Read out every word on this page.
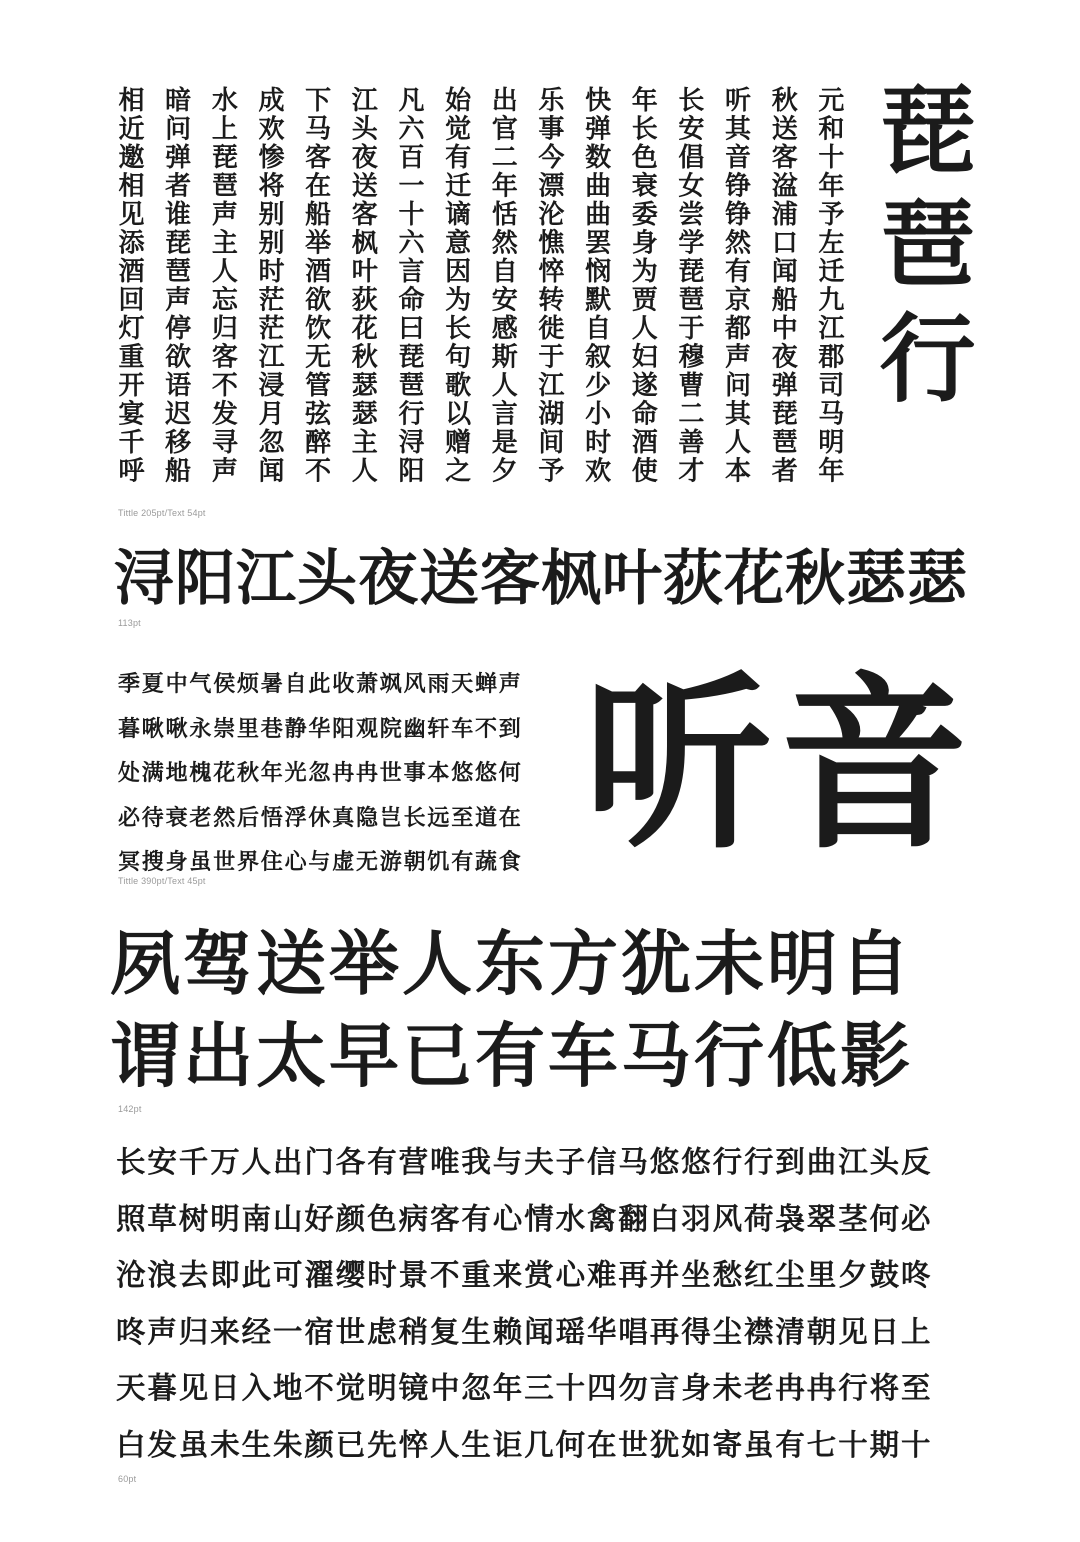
元和十年予左迁九江郡司马明年
秋送客湓浦口闻船中夜弹琵琶者
听其音铮铮然有京都声问其人本
长安倡女尝学琵琶于穆曹二善才
年长色衰委身为贾人妇遂命酒使
快弹数曲曲罢悯默自叙少小时欢
乐事今漂沦憔悴转徙于江湖间予
出官二年恬然自安感斯人言是夕
始觉有迁谪意因为长句歌以赠之
凡六百一十六言命曰琵琶行浔阳
江头夜送客枫叶荻花秋瑟瑟主人
下马客在船举酒欲饮无管弦醉不
成欢惨将别别时茫茫江浸月忽闻
水上琵琶声主人忘归客不发寻声
暗问弹者谁琵琶声停欲语迟移船
相近邀相见添酒回灯重开宴千呼	琵琶行
Tittle 205pt/Text 54pt
浔阳江头夜送客枫叶荻花秋瑟瑟
113pt
季夏中气侯烦暑自此收萧飒风雨天蝉声
暮啾啾永崇里巷静华阳观院幽轩车不到
处满地槐花秋年光忽冉冉世事本悠悠何
必待衰老然后悟浮休真隐岂长远至道在
冥搜身虽世界住心与虚无游朝饥有蔬食 听音
Tittle 390pt/Text 45pt
夙驾送举人东方犹未明自
谓出太早已有车马行低影
142pt
长安千万人出门各有营唯我与夫子信马悠悠行行到曲江头反
照草树明南山好颜色病客有心情水禽翻白羽风荷袅翠茎何必
沧浪去即此可濯缨时景不重来赏心难再并坐愁红尘里夕鼓咚
咚声归来经一宿世虑稍复生赖闻瑶华唱再得尘襟清朝见日上
天暮见日入地不觉明镜中忽年三十四勿言身未老冉冉行将至
白发虽未生朱颜已先悴人生讵几何在世犹如寄虽有七十期十
60pt
